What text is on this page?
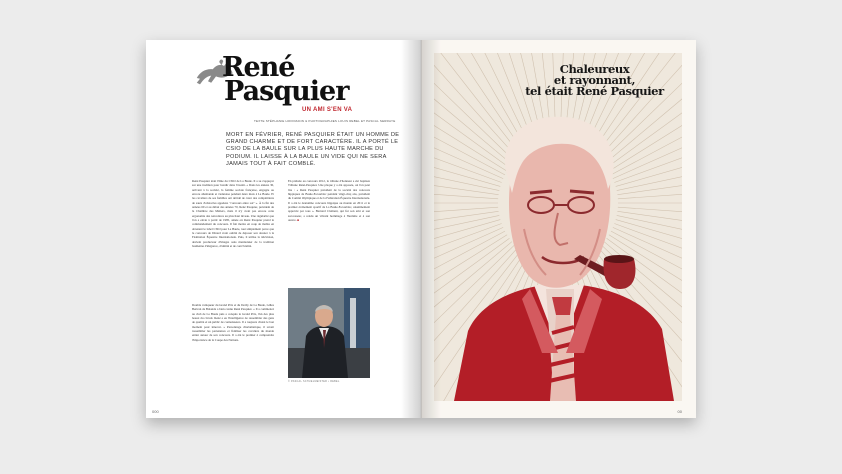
René
Pasquier
UN AMI S'EN VA
TEXTE STÉPHANIE HOFFMANN & PHOTOGRAPHIES LOUIS REBEL ET PASCAL SERRAYE
MORT EN FÉVRIER, RENÉ PASQUIER ÉTAIT UN HOMME DE GRAND CHARME ET DE FORT CARACTÈRE. IL A PORTÉ LE CSIO DE LA BAULE SUR LA PLUS HAUTE MARCHE DU PODIUM. IL LAISSE À LA BAULE UN VIDE QUI NE SERA JAMAIS TOUT À FAIT COMBLÉ.
René Pasquier était l'âme du CSIO de La Baule. Il a su s'appuyer sur une tradition pour bondir dans l'avenir. « Dans les années 30, arrivant à la société, la femme sociale française, engagée ou encore allemande et viennoise pendant deux mois à La Baule. Et les cavaliers de ses familles ont décidé de créer des compétitions de sauts d'obstacles appelées "concours entre soi" ». À la fin des années 60 et au début des années 70, René Pasquier, président de la Chambre des Métiers, mais il n'y avait pas encore cette ergonomie des rencontres au plus haut niveau. Une régularité que l'on a envie à partir de 1985, année où René Pasquier prend le commandement du concours. Il fait mettre en coup de maître en obtenant le label CSIO pour La Baule, tout simplement parce que le concours de Dinard avait oublié de déposer son dossier à la Fédération Équestre Internationale. Puis, il utilise la télévision, devient producteur d'images sans mentionner de la tradition baulienne d'élégance, d'amitié et de convivialité.
Double vainqueur du Grand Prix et du Derby de La Baule, Gilles Bertran de Balanda a bien connu René Pasquier. « Il a commencé au club de La Baule puis a conquis le Grand Prix, l'un des plus beaux du circuit. René a eu l'intelligence de rassembler des gens de qualité et un public de connaisseurs. Il a toujours choisi le bon moment pour innover. » Personnage charismatique, il savait rassembler les partenaires et fidéliser les cavaliers du monde entier autour de son concours. Il a été le premier à comprendre l'importance de la Coupe des Nations.
En prélude au concours 2012, la tribune d'honneur a été baptisée Tribune René-Pasquier. Une plaque y a été apposée, où l'on peut lire : « René Pasquier président de la société des concours hippiques de Baule-Escoublac pendant vingt-cinq ans, président du Comité Olympique et de la Fédération Équestre Internationale. Il a été le deuxième concours hippique au monde en 2011 et le premier évènement sportif de La Baule-Escoublac, unanimement apprécié par tous ». Bernard Clément, qui fut son ami et son successeur, a rendu un vibrant hommage à l'homme et à son œuvre. ■
© PASCAL SCHUELMEISTER • REBEL
000
Chaleureux
et rayonnant,
tel était René Pasquier
00
